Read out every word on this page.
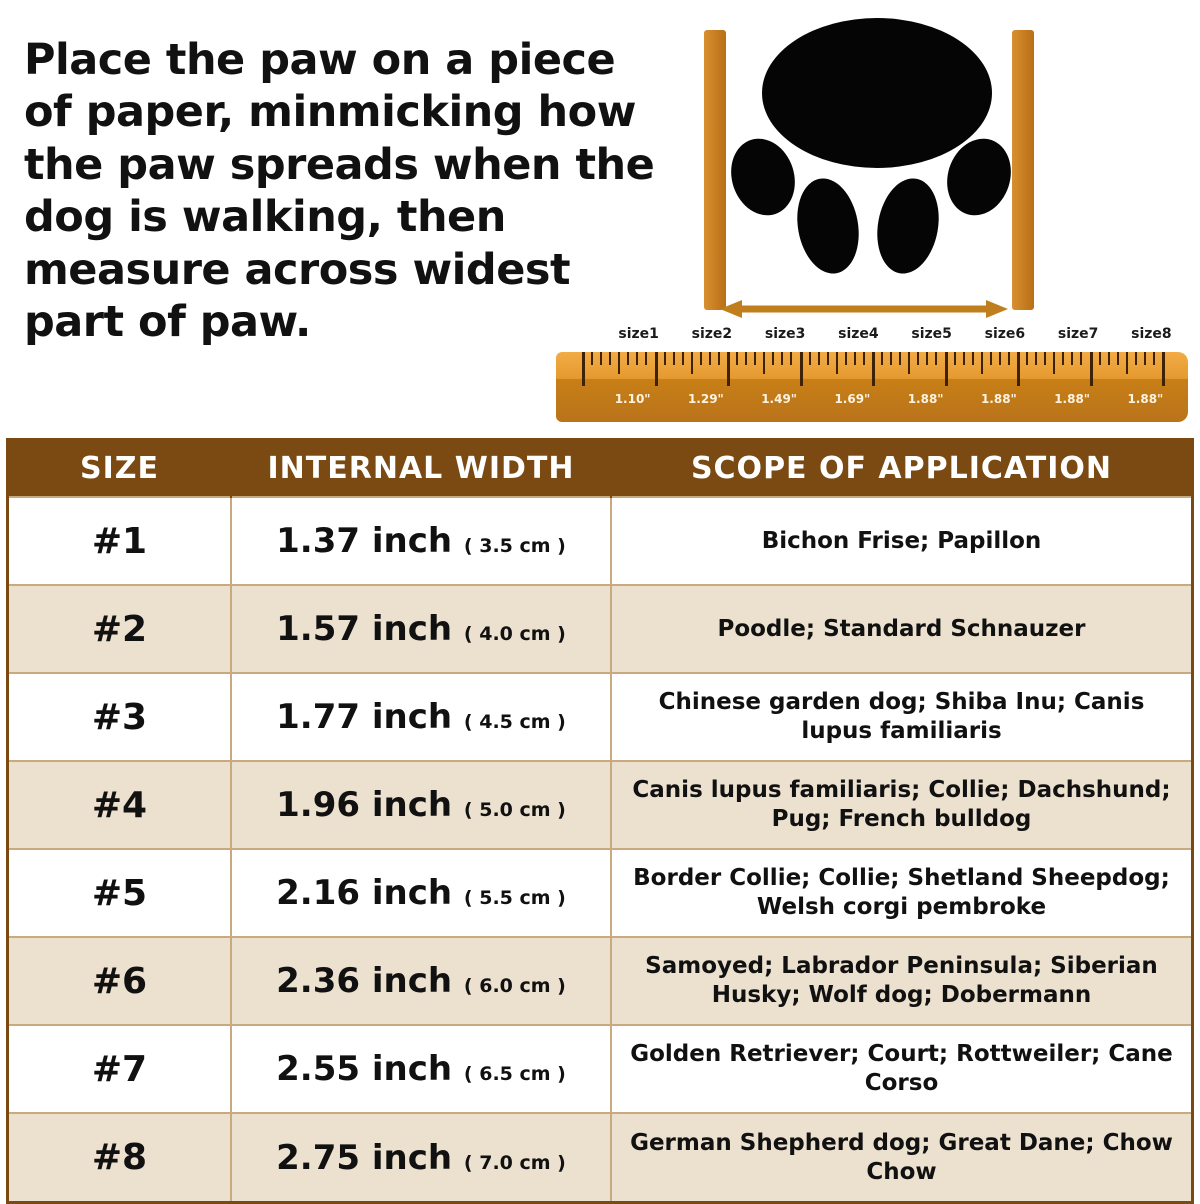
Place the paw on a piece of paper, minmicking how the paw spreads when the dog is walking, then measure across widest part of paw.	size1	size2	size3	size4	size5	size6	size7	size8
1.10"	1.29"	1.49"	1.69"	1.88"	1.88"	1.88"	1.88"
SIZE	INTERNAL WIDTH	SCOPE OF APPLICATION
#1	1.37 inch ( 3.5 cm )	Bichon Frise; Papillon
#2	1.57 inch ( 4.0 cm )	Poodle; Standard Schnauzer
#3	1.77 inch ( 4.5 cm )	Chinese garden dog; Shiba Inu; Canis lupus familiaris
#4	1.96 inch ( 5.0 cm )	Canis lupus familiaris; Collie; Dachshund; Pug; French bulldog
#5	2.16 inch ( 5.5 cm )	Border Collie; Collie; Shetland Sheepdog; Welsh corgi pembroke
#6	2.36 inch ( 6.0 cm )	Samoyed; Labrador Peninsula; Siberian Husky; Wolf dog; Dobermann
#7	2.55 inch ( 6.5 cm )	Golden Retriever; Court; Rottweiler; Cane Corso
#8	2.75 inch ( 7.0 cm )	German Shepherd dog; Great Dane; Chow Chow
